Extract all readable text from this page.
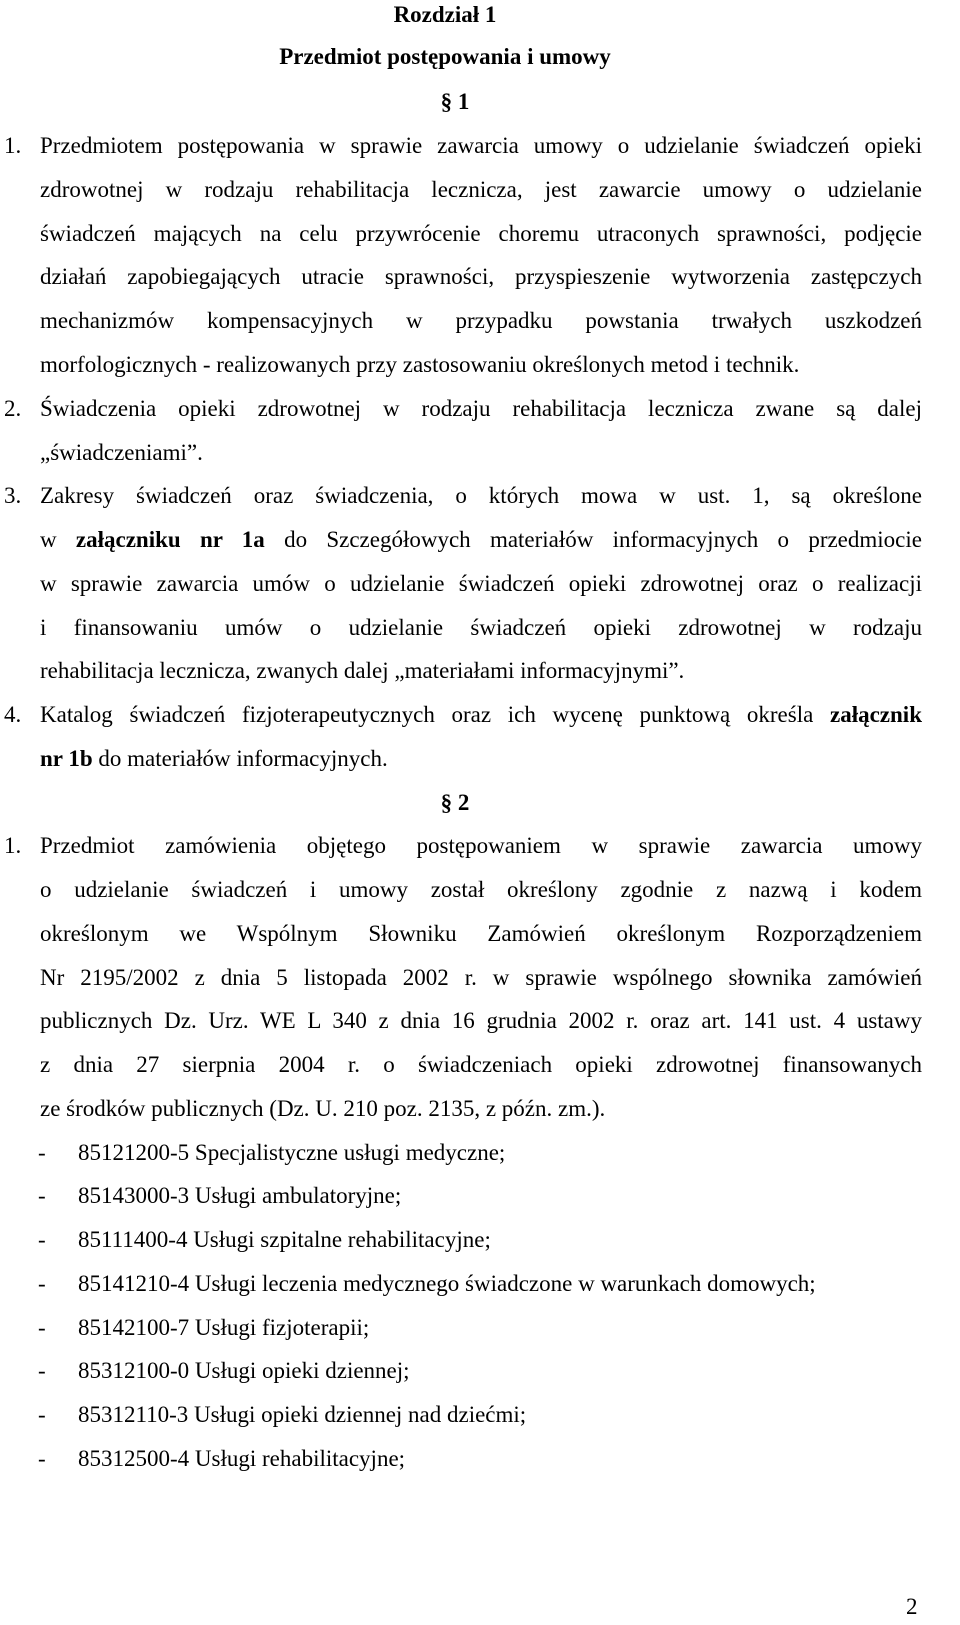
Rozdział 1
Przedmiot postępowania i umowy
§ 1
1. Przedmiotem postępowania w sprawie zawarcia umowy o udzielanie świadczeń opieki
zdrowotnej w rodzaju rehabilitacja lecznicza, jest zawarcie umowy o udzielanie
świadczeń mających na celu przywrócenie choremu utraconych sprawności, podjęcie
działań zapobiegających utracie sprawności, przyspieszenie wytworzenia zastępczych
mechanizmów kompensacyjnych w przypadku powstania trwałych uszkodzeń
morfologicznych - realizowanych przy zastosowaniu określonych metod i technik.
2. Świadczenia opieki zdrowotnej w rodzaju rehabilitacja lecznicza zwane są dalej
„świadczeniami”.
3. Zakresy świadczeń oraz świadczenia, o których mowa w ust. 1, są określone
w załączniku nr 1a do Szczegółowych materiałów informacyjnych o przedmiocie
w sprawie zawarcia umów o udzielanie świadczeń opieki zdrowotnej oraz o realizacji
i finansowaniu umów o udzielanie świadczeń opieki zdrowotnej w rodzaju
rehabilitacja lecznicza, zwanych dalej „materiałami informacyjnymi”.
4. Katalog świadczeń fizjoterapeutycznych oraz ich wycenę punktową określa załącznik
nr 1b do materiałów informacyjnych.
§ 2
1. Przedmiot zamówienia objętego postępowaniem w sprawie zawarcia umowy
o udzielanie świadczeń i umowy został określony zgodnie z nazwą i kodem
określonym we Wspólnym Słowniku Zamówień określonym Rozporządzeniem
Nr 2195/2002 z dnia 5 listopada 2002 r. w sprawie wspólnego słownika zamówień
publicznych Dz. Urz. WE L 340 z dnia 16 grudnia 2002 r. oraz art. 141 ust. 4 ustawy
z dnia 27 sierpnia 2004 r. o świadczeniach opieki zdrowotnej finansowanych
ze środków publicznych (Dz. U. 210 poz. 2135, z późn. zm.).
- 85121200-5 Specjalistyczne usługi medyczne;
- 85143000-3 Usługi ambulatoryjne;
- 85111400-4 Usługi szpitalne rehabilitacyjne;
- 85141210-4 Usługi leczenia medycznego świadczone w warunkach domowych;
- 85142100-7 Usługi fizjoterapii;
- 85312100-0 Usługi opieki dziennej;
- 85312110-3 Usługi opieki dziennej nad dziećmi;
- 85312500-4 Usługi rehabilitacyjne;
2
